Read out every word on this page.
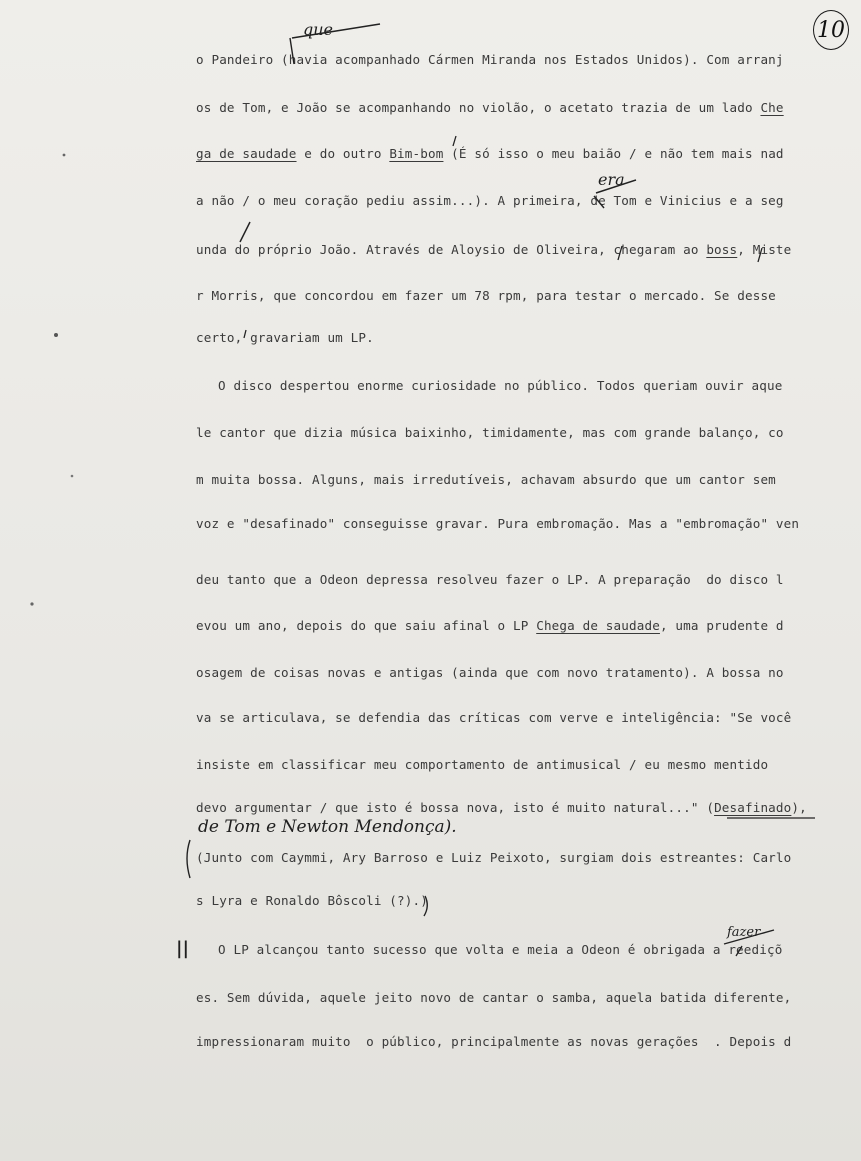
10
o Pandeiro (havia acompanhado Cármen Miranda nos Estados Unidos). Com arranj
os de Tom, e João se acompanhando no violão, o acetato trazia de um lado Che
ga de saudade e do outro Bim-bom (É só isso o meu baião / e não tem mais nad
a não / o meu coração pediu assim...). A primeira, de Tom e Vinicius e a seg
unda do próprio João. Através de Aloysio de Oliveira, chegaram ao boss, Miste
r Morris, que concordou em fazer um 78 rpm, para testar o mercado. Se desse
certo, gravariam um LP.
O disco despertou enorme curiosidade no público. Todos queriam ouvir aque
le cantor que dizia música baixinho, timidamente, mas com grande balanço, co
m muita bossa. Alguns, mais irredutíveis, achavam absurdo que um cantor sem
voz e "desafinado" conseguisse gravar. Pura embromação. Mas a "embromação" ven
deu tanto que a Odeon depressa resolveu fazer o LP. A preparação  do disco l
evou um ano, depois do que saiu afinal o LP Chega de saudade, uma prudente d
osagem de coisas novas e antigas (ainda que com novo tratamento). A bossa no
va se articulava, se defendia das críticas com verve e inteligência: "Se você
insiste em classificar meu comportamento de antimusical / eu mesmo mentido
devo argumentar / que isto é bossa nova, isto é muito natural..." (Desafinado),
de Tom e Newton Mendonça).
(Junto com Caymmi, Ary Barroso e Luiz Peixoto, surgiam dois estreantes: Carlo
s Lyra e Ronaldo Bôscoli (?).)
|| O LP alcançou tanto sucesso que volta e meia a Odeon é obrigada a reediçõ
es. Sem dúvida, aquele jeito novo de cantar o samba, aquela batida diferente,
impressionaram muito  o público, principalmente as novas gerações  . Depois d
que
era
fazer
